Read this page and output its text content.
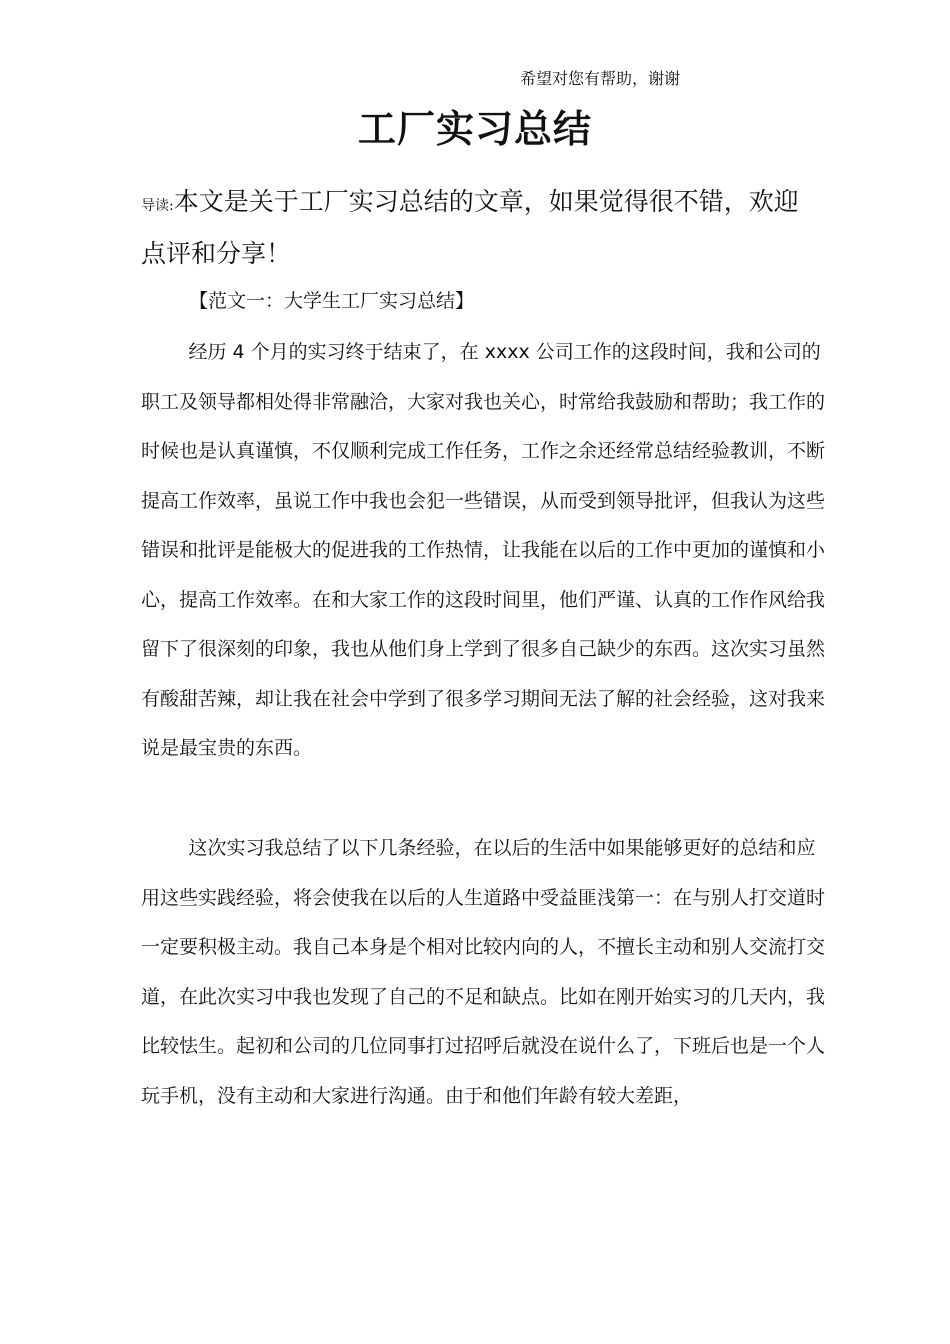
希望对您有帮助，谢谢
工厂实习总结

导读:本文是关于工厂实习总结的文章，如果觉得很不错，欢迎点评和分享！

【范文一：大学生工厂实习总结】

经历 4 个月的实习终于结束了，在 xxxx 公司工作的这段时间，我和公司的职工及领导都相处得非常融洽，大家对我也关心，时常给我鼓励和帮助；我工作的时候也是认真谨慎，不仅顺利完成工作任务，工作之余还经常总结经验教训，不断提高工作效率，虽说工作中我也会犯一些错误，从而受到领导批评，但我认为这些错误和批评是能极大的促进我的工作热情，让我能在以后的工作中更加的谨慎和小心，提高工作效率。在和大家工作的这段时间里，他们严谨、认真的工作作风给我留下了很深刻的印象，我也从他们身上学到了很多自己缺少的东西。这次实习虽然有酸甜苦辣，却让我在社会中学到了很多学习期间无法了解的社会经验，这对我来说是最宝贵的东西。

这次实习我总结了以下几条经验，在以后的生活中如果能够更好的总结和应用这些实践经验，将会使我在以后的人生道路中受益匪浅第一：在与别人打交道时一定要积极主动。我自己本身是个相对比较内向的人，不擅长主动和别人交流打交道，在此次实习中我也发现了自己的不足和缺点。比如在刚开始实习的几天内，我比较怯生。起初和公司的几位同事打过招呼后就没在说什么了，下班后也是一个人玩手机，没有主动和大家进行沟通。由于和他们年龄有较大差距，
